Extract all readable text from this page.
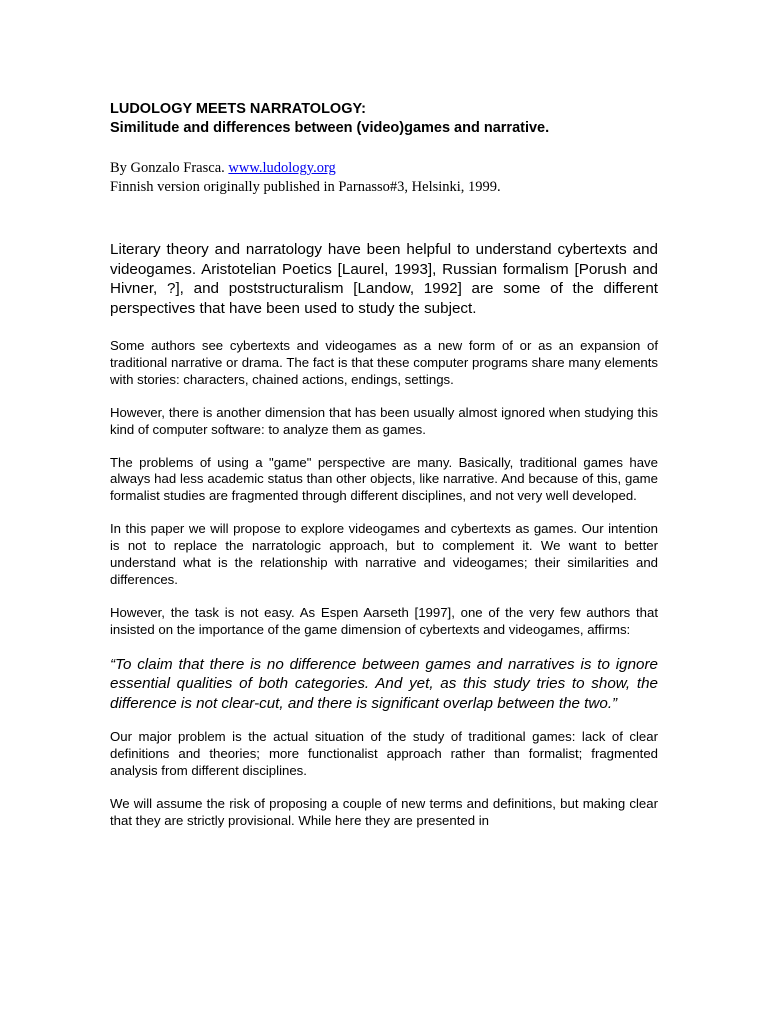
LUDOLOGY MEETS NARRATOLOGY:

Similitude and differences between (video)games and narrative.

By Gonzalo Frasca. www.ludology.org
Finnish version originally published in Parnasso#3, Helsinki, 1999.

Literary theory and narratology have been helpful to understand cybertexts and videogames. Aristotelian Poetics [Laurel, 1993], Russian formalism [Porush and Hivner, ?], and poststructuralism [Landow, 1992] are some of the different perspectives that have been used to study the subject.

Some authors see cybertexts and videogames as a new form of or as an expansion of traditional narrative or drama. The fact is that these computer programs share many elements with stories: characters, chained actions, endings, settings.

However, there is another dimension that has been usually almost ignored when studying this kind of computer software: to analyze them as games.

The problems of using a "game" perspective are many. Basically, traditional games have always had less academic status than other objects, like narrative. And because of this, game formalist studies are fragmented through different disciplines, and not very well developed.

In this paper we will propose to explore videogames and cybertexts as games. Our intention is not to replace the narratologic approach, but to complement it. We want to better understand what is the relationship with narrative and videogames; their similarities and differences.

However, the task is not easy. As Espen Aarseth [1997], one of the very few authors that insisted on the importance of the game dimension of cybertexts and videogames, affirms:

“To claim that there is no difference between games and narratives is to ignore essential qualities of both categories. And yet, as this study tries to show, the difference is not clear-cut, and there is significant overlap between the two.”

Our major problem is the actual situation of the study of traditional games: lack of clear definitions and theories; more functionalist approach rather than formalist; fragmented analysis from different disciplines.

We will assume the risk of proposing a couple of new terms and definitions, but making clear that they are strictly provisional. While here they are presented in
